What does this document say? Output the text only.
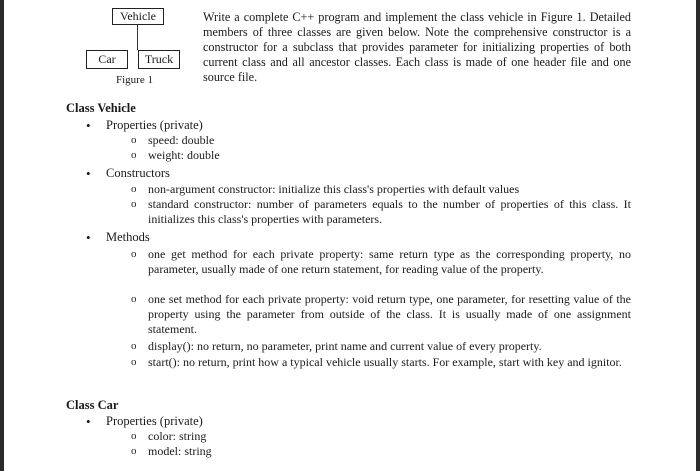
Vehicle
Car	Truck
Figure 1
Write a complete C++ program and implement the class vehicle in Figure 1. Detailed members of three classes are given below. Note the comprehensive constructor is a constructor for a subclass that provides parameter for initializing properties of both current class and all ancestor classes. Each class is made of one header file and one source file.
Class Vehicle
• Properties (private)
o speed: double
o weight: double
• Constructors
o non-argument constructor: initialize this class's properties with default values
o standard constructor: number of parameters equals to the number of properties of this class. It initializes this class's properties with parameters.
• Methods
o one get method for each private property: same return type as the corresponding property, no parameter, usually made of one return statement, for reading value of the property.
o one set method for each private property: void return type, one parameter, for resetting value of the property using the parameter from outside of the class. It is usually made of one assignment statement.
o display(): no return, no parameter, print name and current value of every property.
o start(): no return, print how a typical vehicle usually starts. For example, start with key and ignitor.
Class Car
• Properties (private)
o color: string
o model: string
